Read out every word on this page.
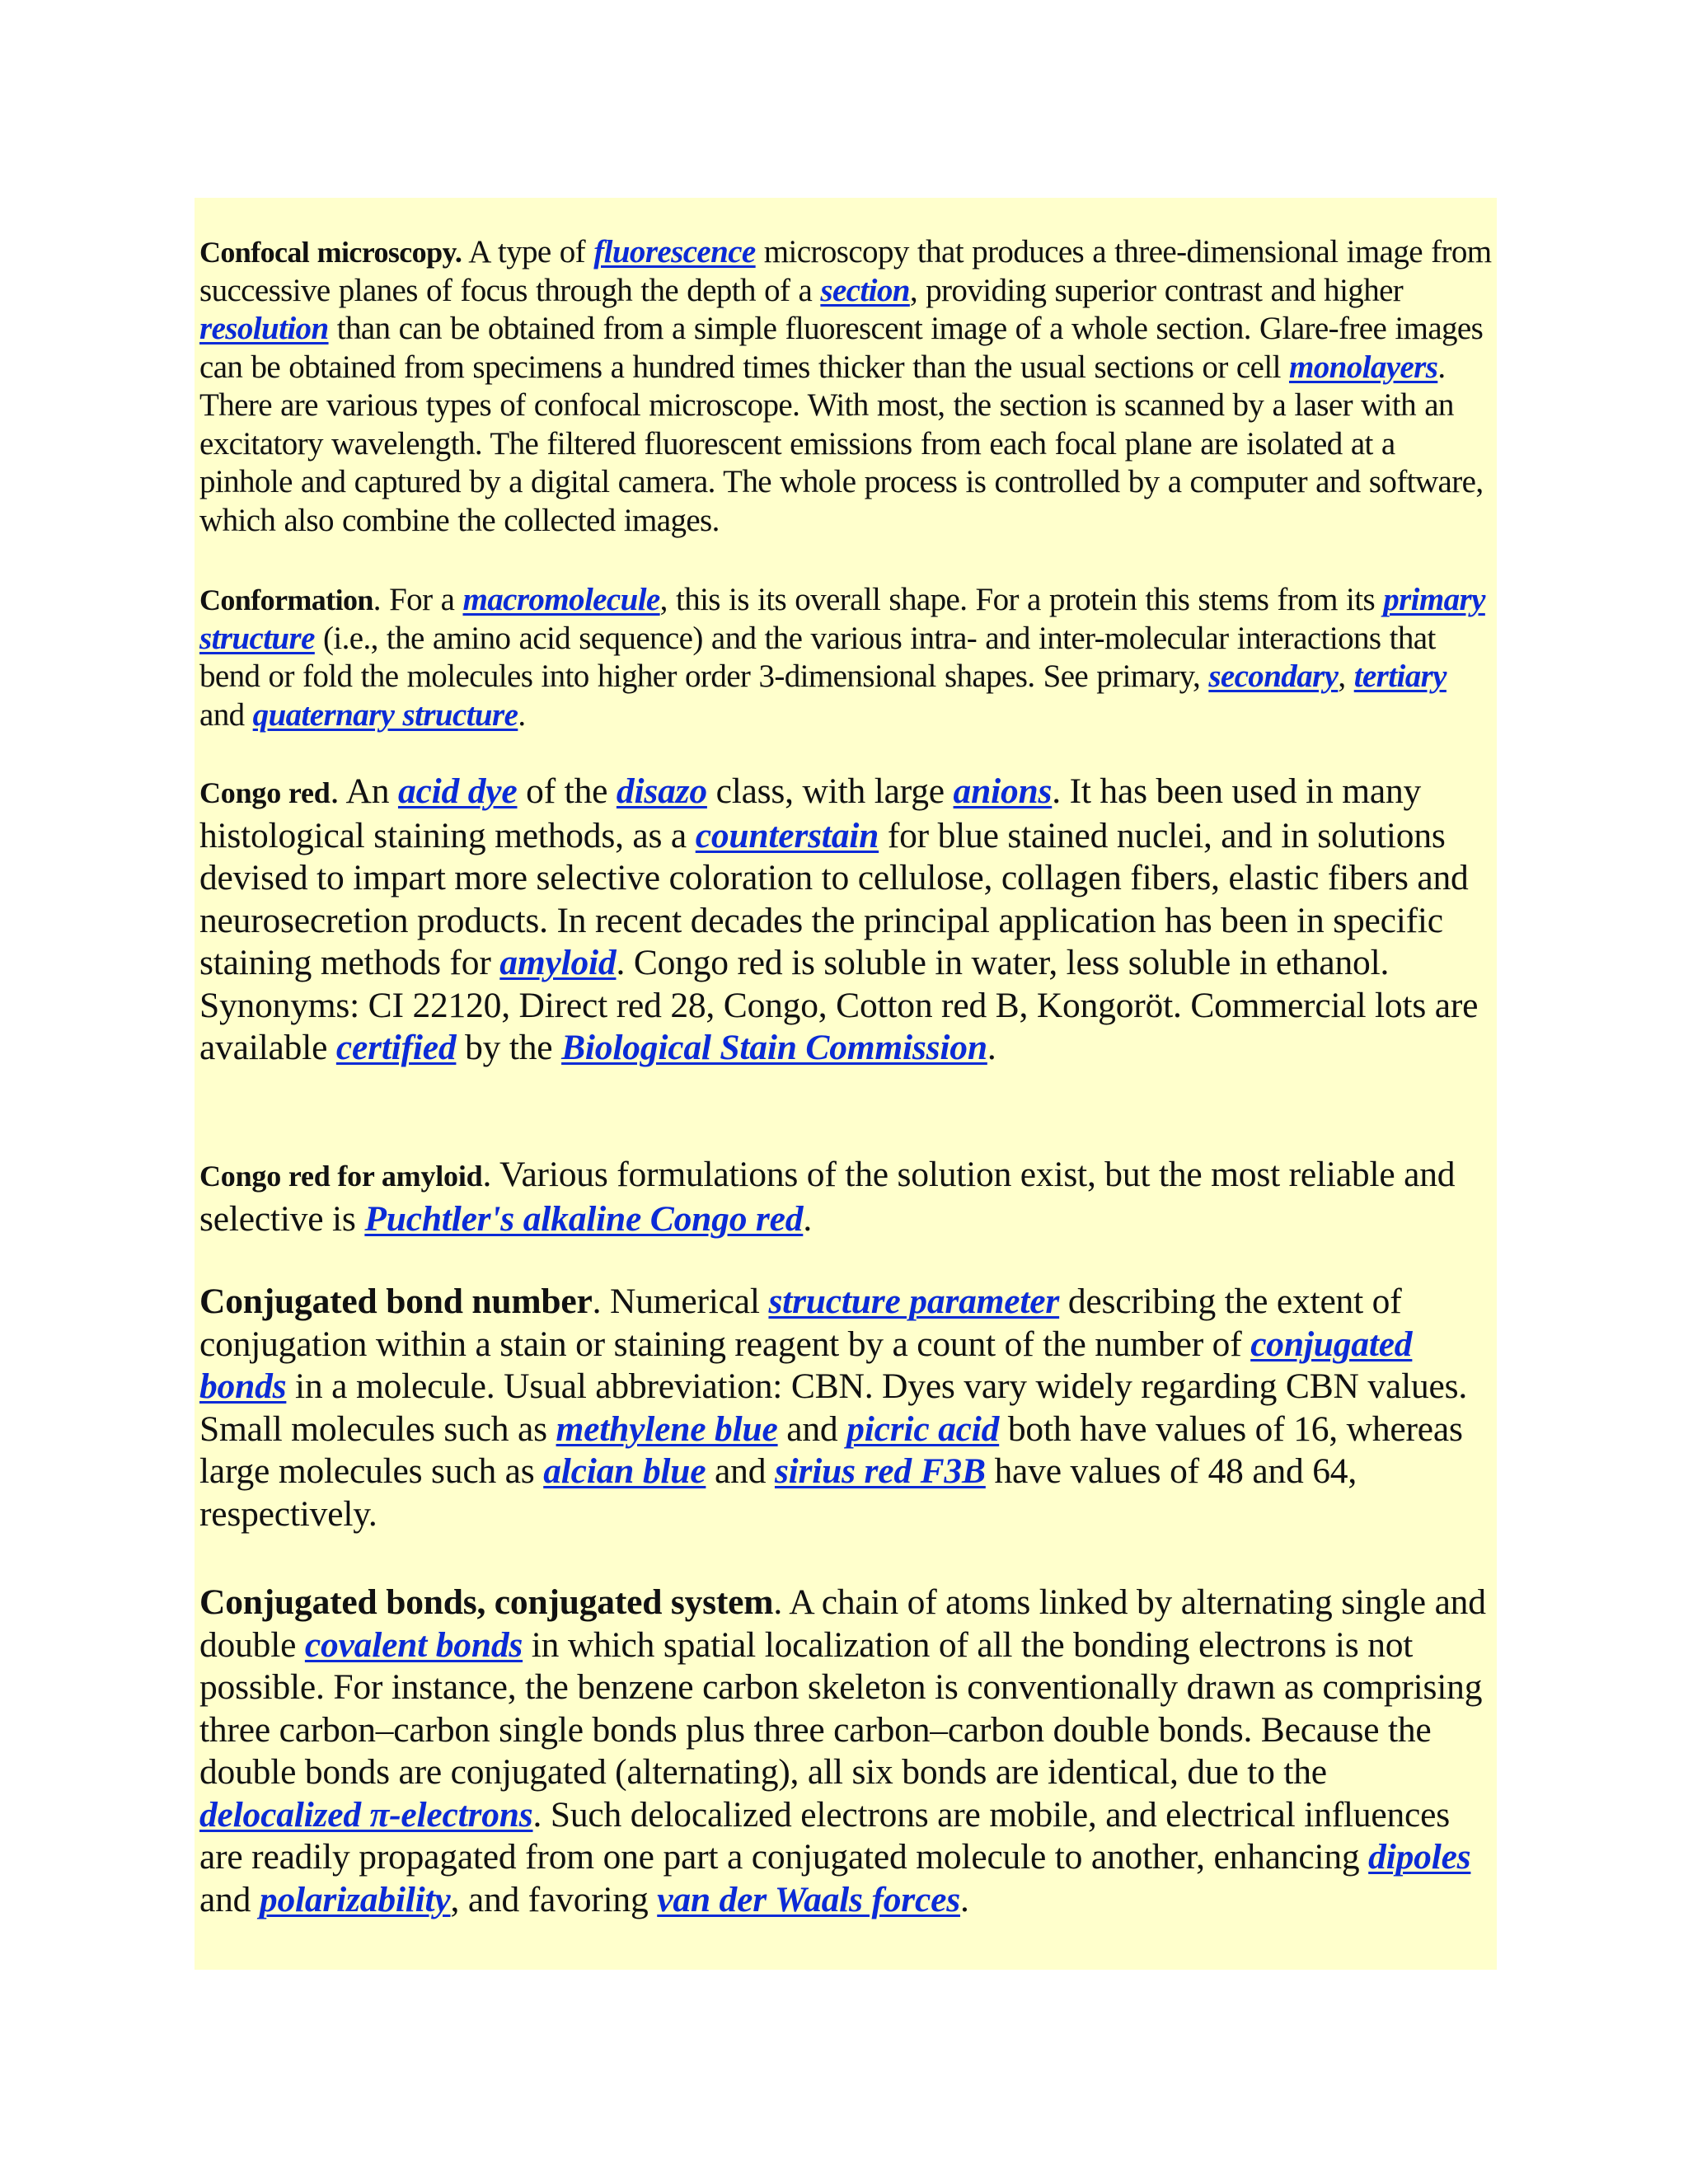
Confocal microscopy. A type of fluorescence microscopy that produces a three-dimensional image from successive planes of focus through the depth of a section, providing superior contrast and higher resolution than can be obtained from a simple fluorescent image of a whole section. Glare-free images can be obtained from specimens a hundred times thicker than the usual sections or cell monolayers. There are various types of confocal microscope. With most, the section is scanned by a laser with an excitatory wavelength. The filtered fluorescent emissions from each focal plane are isolated at a pinhole and captured by a digital camera. The whole process is controlled by a computer and software, which also combine the collected images.

Conformation. For a macromolecule, this is its overall shape. For a protein this stems from its primary structure (i.e., the amino acid sequence) and the various intra- and inter-molecular interactions that bend or fold the molecules into higher order 3-dimensional shapes. See primary, secondary, tertiary and quaternary structure.

Congo red. An acid dye of the disazo class, with large anions. It has been used in many histological staining methods, as a counterstain for blue stained nuclei, and in solutions devised to impart more selective coloration to cellulose, collagen fibers, elastic fibers and neurosecretion products. In recent decades the principal application has been in specific staining methods for amyloid. Congo red is soluble in water, less soluble in ethanol. Synonyms: CI 22120, Direct red 28, Congo, Cotton red B, Kongoröt. Commercial lots are available certified by the Biological Stain Commission.

Congo red for amyloid. Various formulations of the solution exist, but the most reliable and selective is Puchtler's alkaline Congo red.

Conjugated bond number. Numerical structure parameter describing the extent of conjugation within a stain or staining reagent by a count of the number of conjugated bonds in a molecule. Usual abbreviation: CBN. Dyes vary widely regarding CBN values. Small molecules such as methylene blue and picric acid both have values of 16, whereas large molecules such as alcian blue and sirius red F3B have values of 48 and 64, respectively.

Conjugated bonds, conjugated system. A chain of atoms linked by alternating single and double covalent bonds in which spatial localization of all the bonding electrons is not possible. For instance, the benzene carbon skeleton is conventionally drawn as comprising three carbon–carbon single bonds plus three carbon–carbon double bonds. Because the double bonds are conjugated (alternating), all six bonds are identical, due to the delocalized π-electrons. Such delocalized electrons are mobile, and electrical influences are readily propagated from one part a conjugated molecule to another, enhancing dipoles and polarizability, and favoring van der Waals forces.
